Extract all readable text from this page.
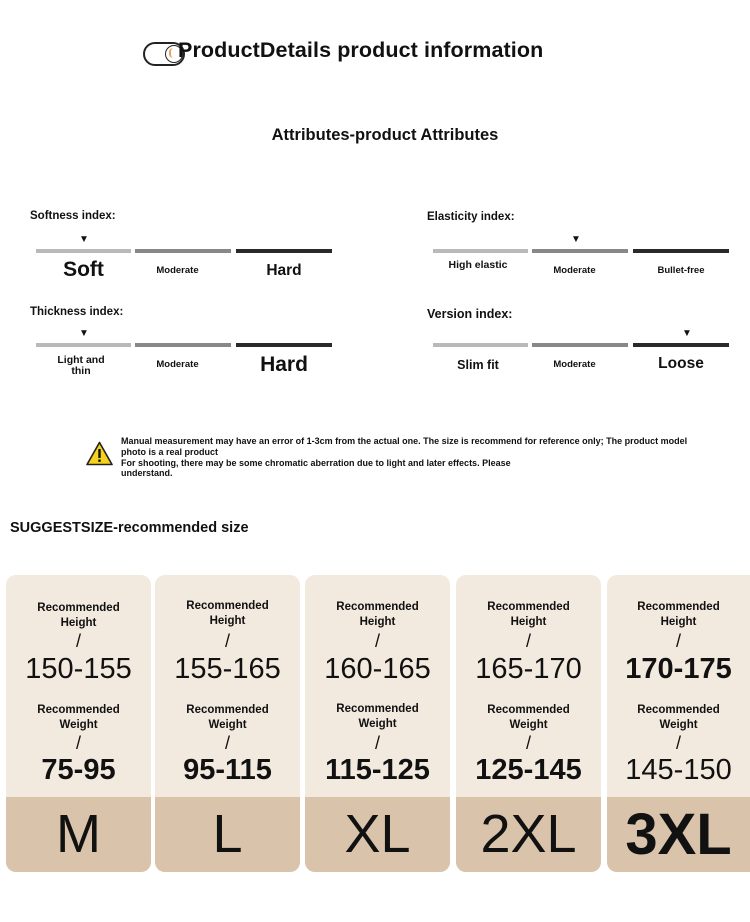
ProductDetails product information
Attributes-product Attributes
Softness index:
▼
Soft	Moderate	Hard
Elasticity index:
▼
High elastic	Moderate	Bullet-free
Thickness index:
▼
Light and thin	Moderate	Hard
Version index:
▼
Slim fit	Moderate	Loose
Manual measurement may have an error of 1-3cm from the actual one. The size is recommend for reference only; The product model photo is a real product
For shooting, there may be some chromatic aberration due to light and later effects. Please understand.
SUGGESTSIZE-recommended size
Recommended Height
/
150-155
Recommended Weight
/
75-95
M
Recommended Height
/
155-165
Recommended Weight
/
95-115
L
Recommended Height
/
160-165
Recommended Weight
/
115-125
XL
Recommended Height
/
165-170
Recommended Weight
/
125-145
2XL
Recommended Height
/
170-175
Recommended Weight
/
145-150
3XL
